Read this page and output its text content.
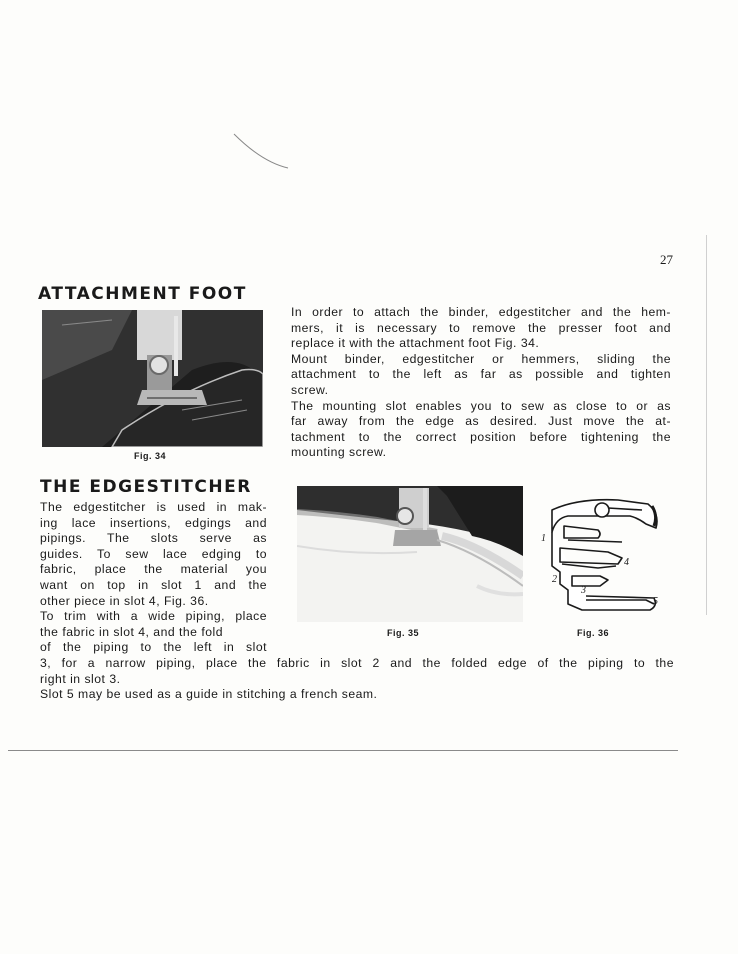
27
ATTACHMENT FOOT
Fig. 34
In order to attach the binder, edgestitcher and the hem-
mers, it is necessary to remove the presser foot and
replace it with the attachment foot Fig. 34.
Mount binder, edgestitcher or hemmers, sliding the
attachment to the left as far as possible and tighten
screw.
The mounting slot enables you to sew as close to or as
far away from the edge as desired. Just move the at-
tachment to the correct position before tightening the
mounting screw.
THE EDGESTITCHER
The edgestitcher is used in mak-
ing lace insertions, edgings and
pipings. The slots serve as
guides. To sew lace edging to
fabric, place the material you
want on top in slot 1 and the
other piece in slot 4, Fig. 36.
To trim with a wide piping, place
the fabric in slot 4, and the fold
of the piping to the left in slot
3, for a narrow piping, place the fabric in slot 2 and the folded edge of the piping to the
right in slot 3.
Slot 5 may be used as a guide in stitching a french seam.
Fig. 35
1
2
3
4
5
Fig. 36
